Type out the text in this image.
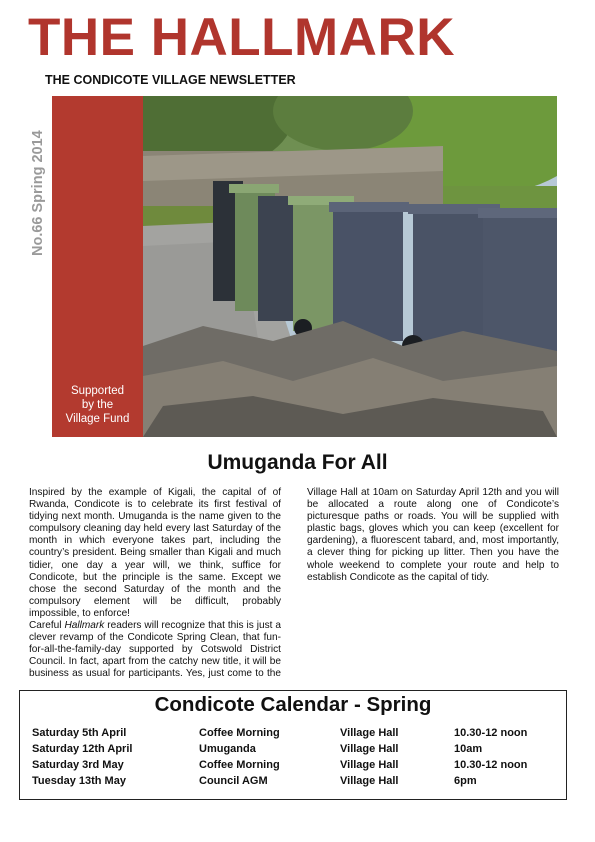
THE HALLMARK
THE CONDICOTE VILLAGE NEWSLETTER
No.66 Spring 2014
Supported
by the
Village Fund
Umuganda For All

Inspired by the example of Kigali, the capital of of Rwanda, Condicote is to celebrate its first festival of tidying next month. Umuganda is the name given to the compulsory cleaning day held every last Saturday of the month in which everyone takes part, including the country’s president. Being smaller than Kigali and much tidier, one day a year will, we think, suffice for Condicote, but the principle is the same. Except we chose the second Saturday of the month and the compulsory element will be difficult, probably impossible, to enforce!

Careful Hallmark readers will recognize that this is just a clever revamp of the Condicote Spring Clean, that fun-for-all-the-family-day supported by Cotswold District Council. In fact, apart from the catchy new title, it will be business as usual for participants. Yes, just come to the Village Hall at 10am on Saturday April 12th and you will be allocated a route along one of Condicote’s picturesque paths or roads. You will be supplied with plastic bags, gloves which you can keep (excellent for gardening), a fluorescent tabard, and, most importantly, a clever thing for picking up litter. Then you have the whole weekend to complete your route and help to establish Condicote as the capital of tidy.

Condicote Calendar - Spring
Saturday 5th April	Coffee Morning	Village Hall	10.30-12 noon
Saturday 12th April	Umuganda	Village Hall	10am
Saturday 3rd May	Coffee Morning	Village Hall	10.30-12 noon
Tuesday 13th May	Council AGM	Village Hall	6pm
